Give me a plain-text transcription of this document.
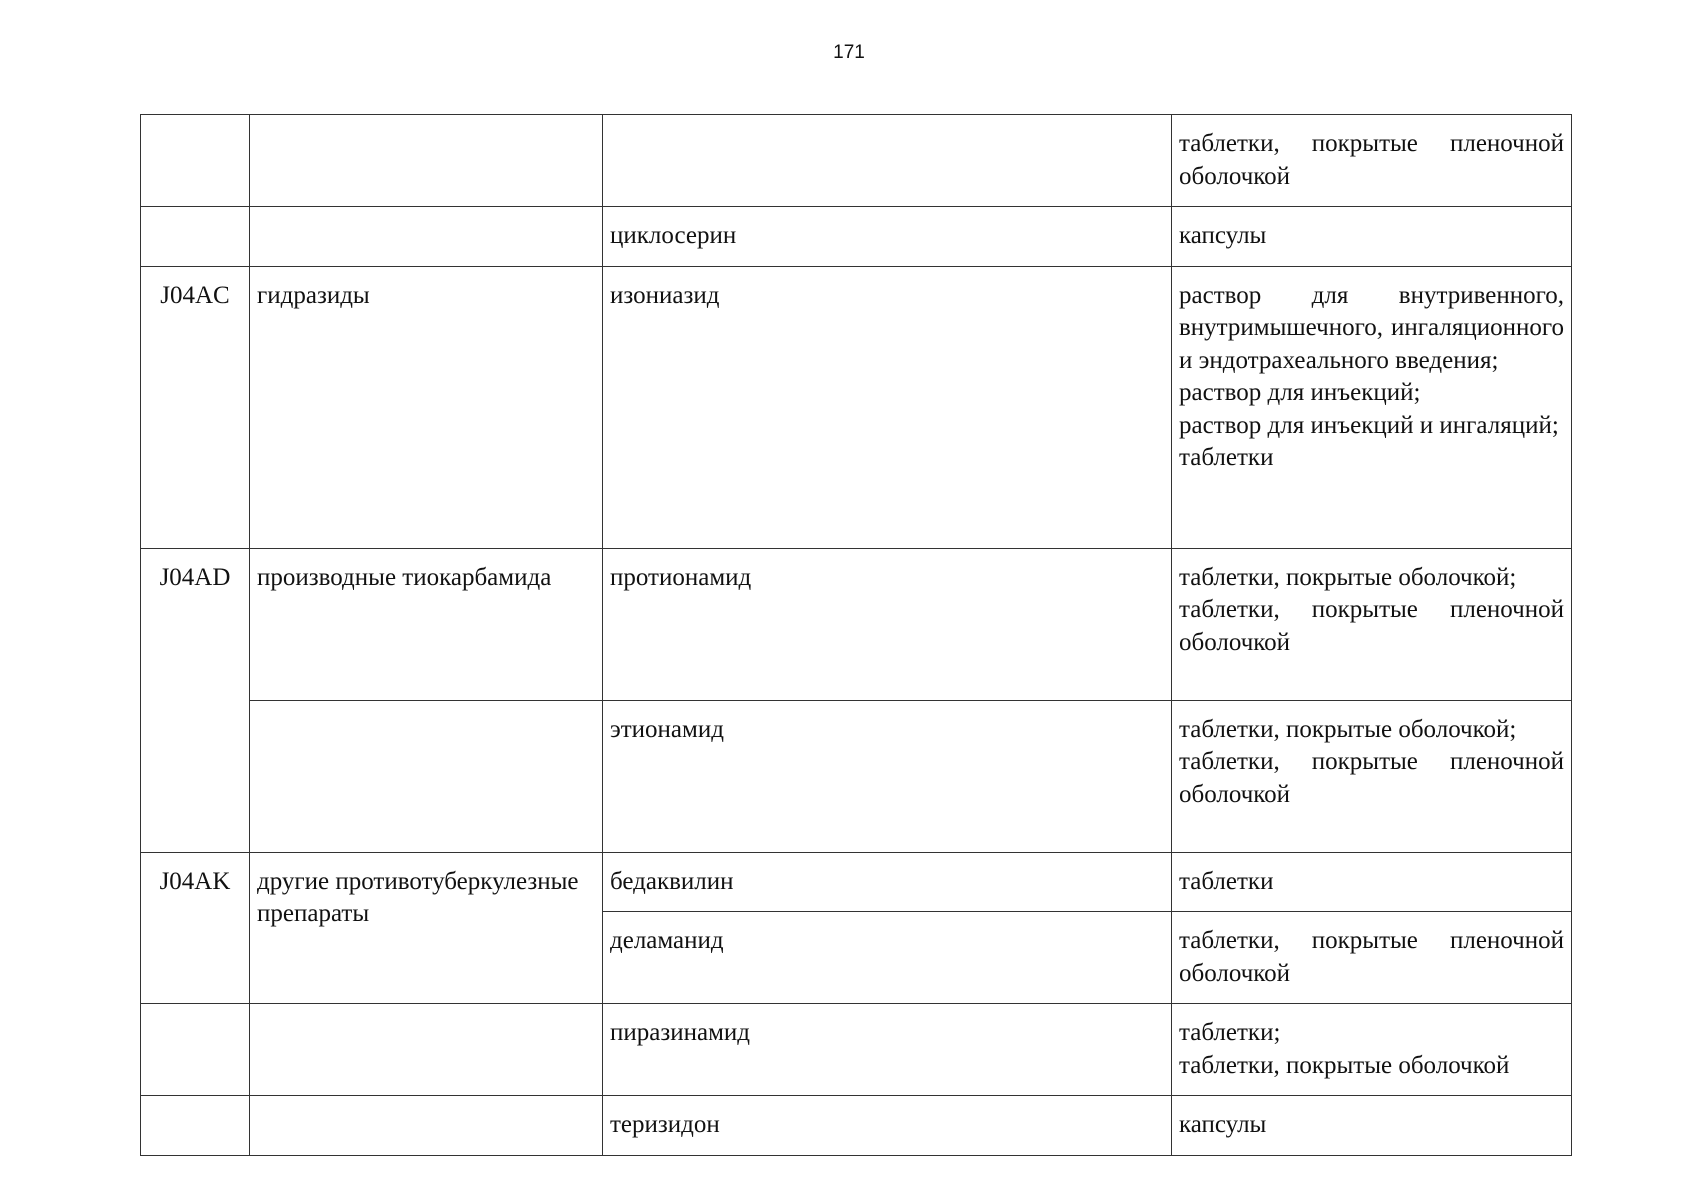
171

			таблетки, покрытые пленочной оболочкой

		циклосерин	капсулы

J04AC	гидразиды	изониазид	раствор для внутривенного, внутримышечного, ингаляционного и эндотрахеального введения;
раствор для инъекций;
раствор для инъекций и ингаляций;
таблетки

J04AD	производные тиокарбамида	протионамид	таблетки, покрытые оболочкой;
таблетки, покрытые пленочной оболочкой

		этионамид	таблетки, покрытые оболочкой;
таблетки, покрытые пленочной оболочкой

J04AK	другие противотуберкулезные препараты	бедаквилин	таблетки

		деламанид	таблетки, покрытые пленочной оболочкой

		пиразинамид	таблетки;
таблетки, покрытые оболочкой

		теризидон	капсулы
